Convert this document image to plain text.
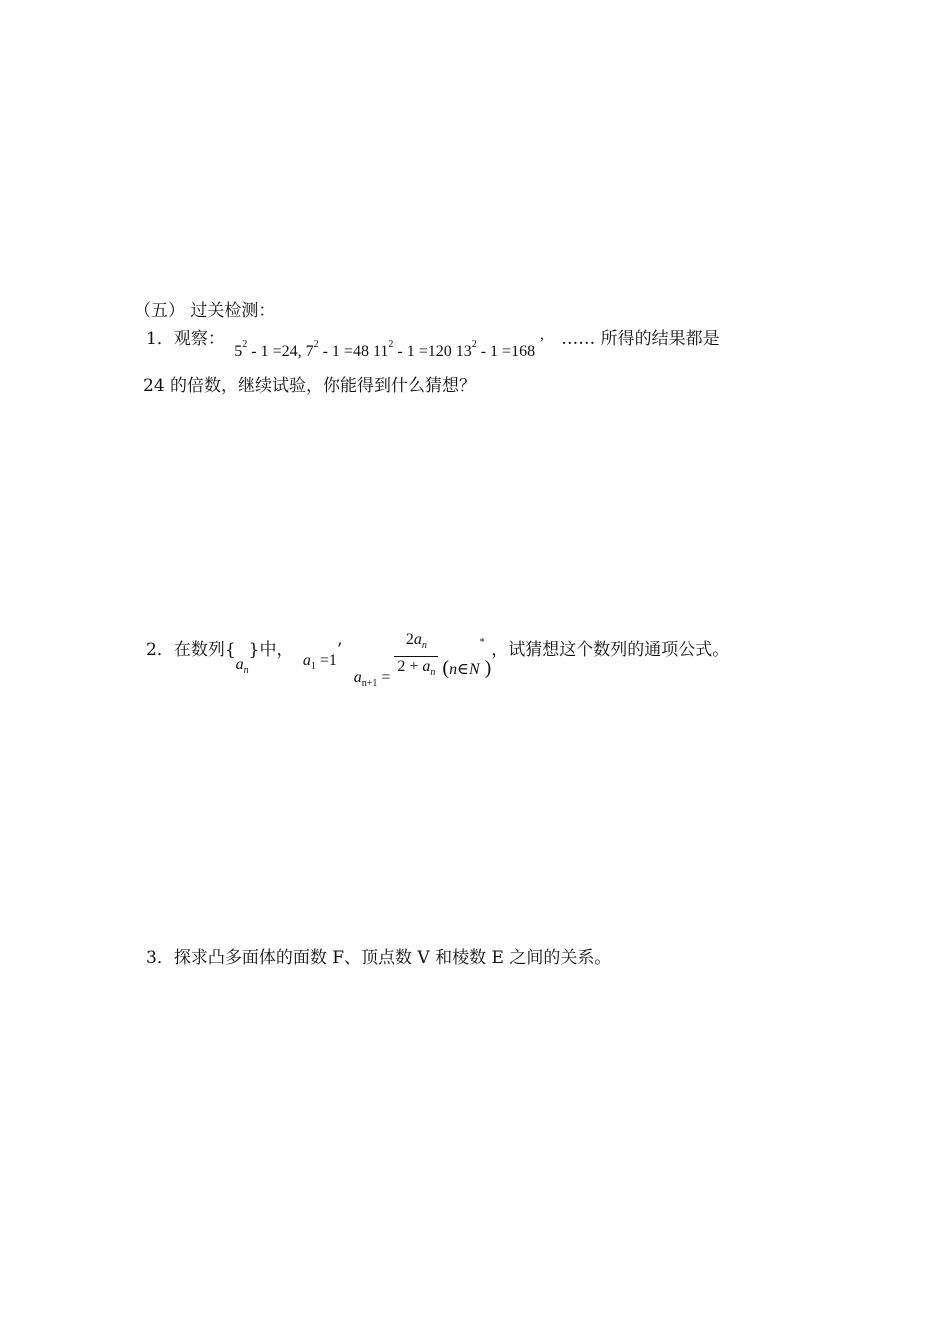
（五） 过关检测：
1．观察： $5^2 - 1 =24$, $7^2 - 1 =48$ $11^2 - 1 =120$ $13^2 - 1 =168$ ’ …… 所得的结果都是
24 的倍数，继续试验，你能得到什么猜想？
2．在数列$\{a_n\}$中， $a_1 =1$’ $a_{n+1} = \frac{2a_n}{2 + a_n}$ (n∈N*)，试猜想这个数列的通项公式。
3．探求凸多面体的面数 F、顶点数 V 和棱数 E 之间的关系。
